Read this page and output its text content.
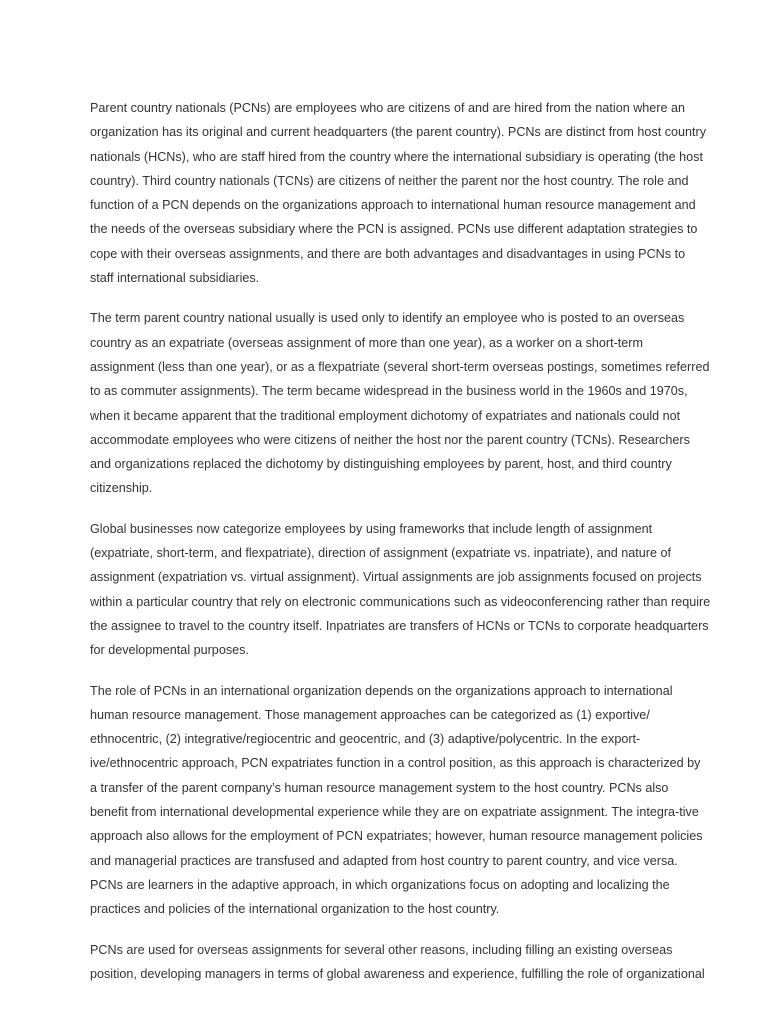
Parent country nationals (PCNs) are employees who are citizens of and are hired from the nation where an
organization has its original and current headquarters (the parent country). PCNs are distinct from host country
nationals (HCNs), who are staff hired from the country where the international subsidiary is operating (the host
country). Third country nationals (TCNs) are citizens of neither the parent nor the host country. The role and
function of a PCN depends on the organizations approach to international human resource management and
the needs of the overseas subsidiary where the PCN is assigned. PCNs use different adaptation strategies to
cope with their overseas assignments, and there are both advantages and disadvantages in using PCNs to
staff international subsidiaries.

The term parent country national usually is used only to identify an employee who is posted to an overseas
country as an expatriate (overseas assignment of more than one year), as a worker on a short-term
assignment (less than one year), or as a flexpatriate (several short-term overseas postings, sometimes referred
to as commuter assignments). The term became widespread in the business world in the 1960s and 1970s,
when it became apparent that the traditional employment dichotomy of expatriates and nationals could not
accommodate employees who were citizens of neither the host nor the parent country (TCNs). Researchers
and organizations replaced the dichotomy by distinguishing employees by parent, host, and third country
citizenship.

Global businesses now categorize employees by using frameworks that include length of assignment
(expatriate, short-term, and flexpatriate), direction of assignment (expatriate vs. inpatriate), and nature of
assignment (expatriation vs. virtual assignment). Virtual assignments are job assignments focused on projects
within a particular country that rely on electronic communications such as videoconferencing rather than require
the assignee to travel to the country itself. Inpatriates are transfers of HCNs or TCNs to corporate headquarters
for developmental purposes.

The role of PCNs in an international organization depends on the organizations approach to international
human resource management. Those management approaches can be categorized as (1) exportive/
ethnocentric, (2) integrative/regiocentric and geocentric, and (3) adaptive/polycentric. In the export-
ive/ethnocentric approach, PCN expatriates function in a control position, as this approach is characterized by
a transfer of the parent company’s human resource management system to the host country. PCNs also
benefit from international developmental experience while they are on expatriate assignment. The integra-tive
approach also allows for the employment of PCN expatriates; however, human resource management policies
and managerial practices are transfused and adapted from host country to parent country, and vice versa.
PCNs are learners in the adaptive approach, in which organizations focus on adopting and localizing the
practices and policies of the international organization to the host country.

PCNs are used for overseas assignments for several other reasons, including filling an existing overseas
position, developing managers in terms of global awareness and experience, fulfilling the role of organizational
